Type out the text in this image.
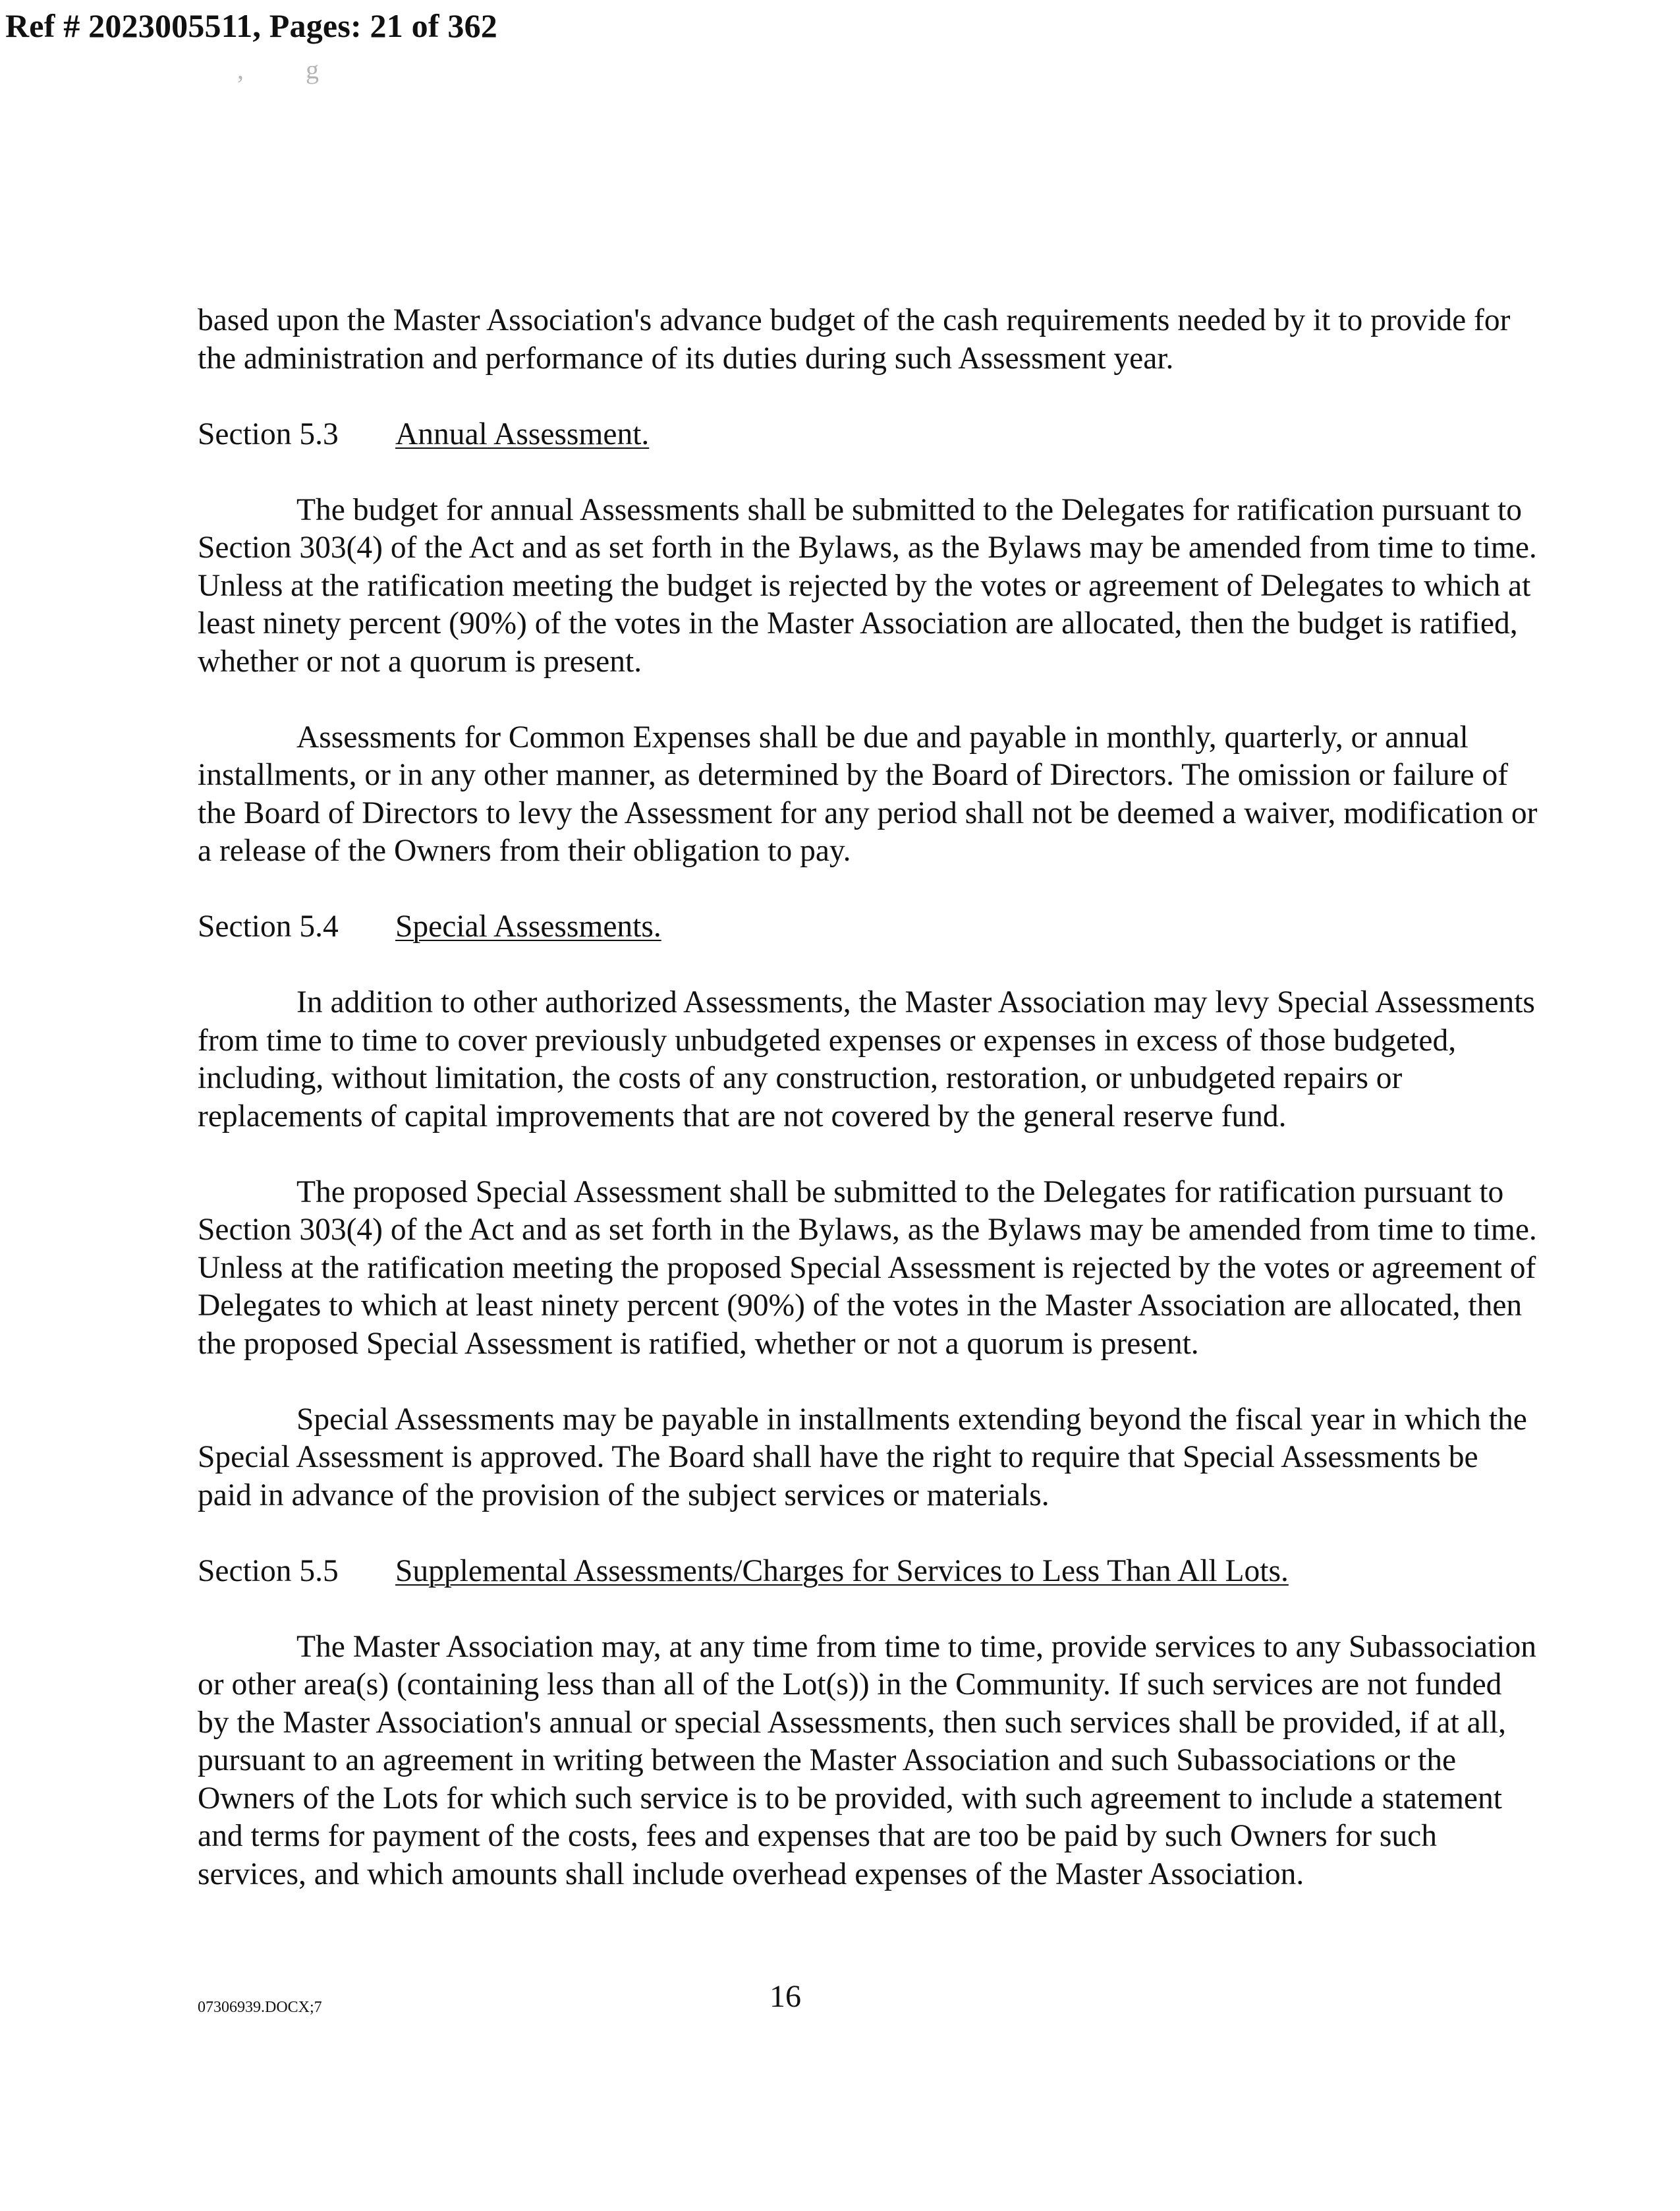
Ref # 2023005511, Pages: 21 of 362
, g

based upon the Master Association's advance budget of the cash requirements needed by it to provide for the administration and performance of its duties during such Assessment year.

Section 5.3 Annual Assessment.

The budget for annual Assessments shall be submitted to the Delegates for ratification pursuant to Section 303(4) of the Act and as set forth in the Bylaws, as the Bylaws may be amended from time to time. Unless at the ratification meeting the budget is rejected by the votes or agreement of Delegates to which at least ninety percent (90%) of the votes in the Master Association are allocated, then the budget is ratified, whether or not a quorum is present.

Assessments for Common Expenses shall be due and payable in monthly, quarterly, or annual installments, or in any other manner, as determined by the Board of Directors. The omission or failure of the Board of Directors to levy the Assessment for any period shall not be deemed a waiver, modification or a release of the Owners from their obligation to pay.

Section 5.4 Special Assessments.

In addition to other authorized Assessments, the Master Association may levy Special Assessments from time to time to cover previously unbudgeted expenses or expenses in excess of those budgeted, including, without limitation, the costs of any construction, restoration, or unbudgeted repairs or replacements of capital improvements that are not covered by the general reserve fund.

The proposed Special Assessment shall be submitted to the Delegates for ratification pursuant to Section 303(4) of the Act and as set forth in the Bylaws, as the Bylaws may be amended from time to time. Unless at the ratification meeting the proposed Special Assessment is rejected by the votes or agreement of Delegates to which at least ninety percent (90%) of the votes in the Master Association are allocated, then the proposed Special Assessment is ratified, whether or not a quorum is present.

Special Assessments may be payable in installments extending beyond the fiscal year in which the Special Assessment is approved. The Board shall have the right to require that Special Assessments be paid in advance of the provision of the subject services or materials.

Section 5.5 Supplemental Assessments/Charges for Services to Less Than All Lots.

The Master Association may, at any time from time to time, provide services to any Subassociation or other area(s) (containing less than all of the Lot(s)) in the Community. If such services are not funded by the Master Association's annual or special Assessments, then such services shall be provided, if at all, pursuant to an agreement in writing between the Master Association and such Subassociations or the Owners of the Lots for which such service is to be provided, with such agreement to include a statement and terms for payment of the costs, fees and expenses that are too be paid by such Owners for such services, and which amounts shall include overhead expenses of the Master Association.

07306939.DOCX;7	16
